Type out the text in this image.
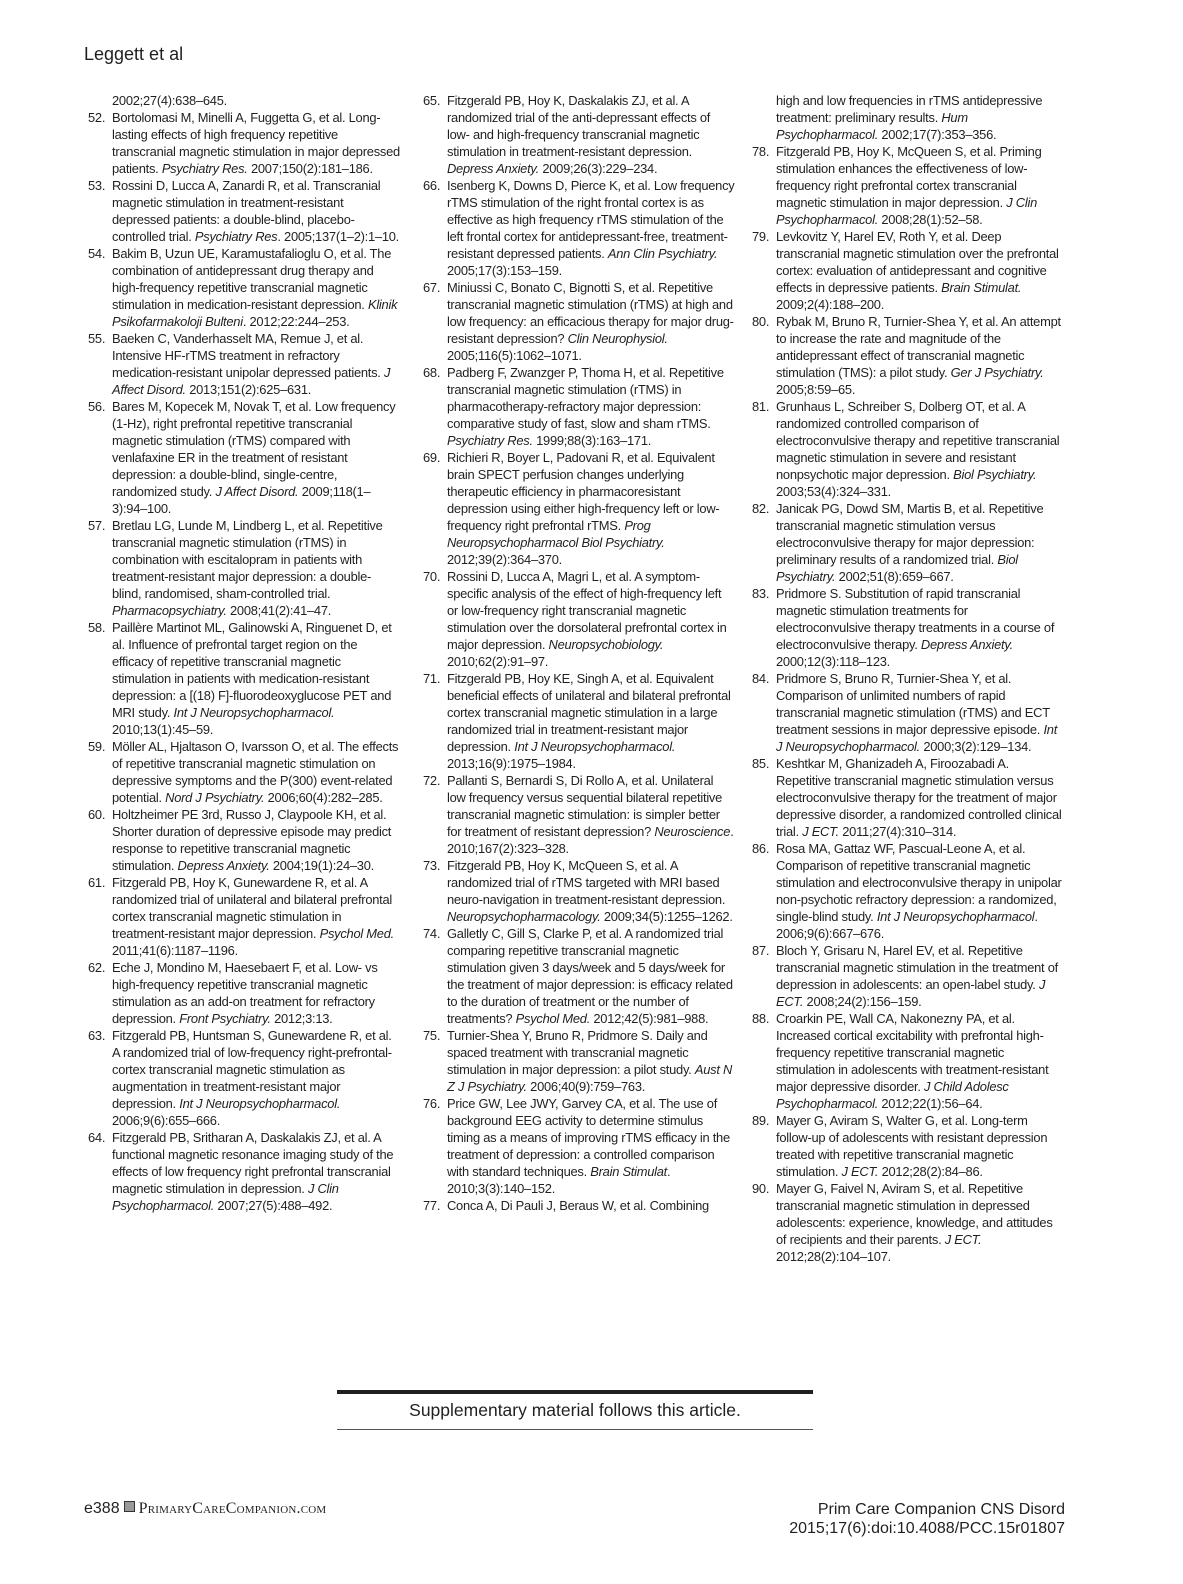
Leggett et al
2002;27(4):638–645.
52. Bortolomasi M, Minelli A, Fuggetta G, et al. Long-lasting effects of high frequency repetitive transcranial magnetic stimulation in major depressed patients. Psychiatry Res. 2007;150(2):181–186.
53. Rossini D, Lucca A, Zanardi R, et al. Transcranial magnetic stimulation in treatment-resistant depressed patients: a double-blind, placebo-controlled trial. Psychiatry Res. 2005;137(1–2):1–10.
54. Bakim B, Uzun UE, Karamustafalioglu O, et al. The combination of antidepressant drug therapy and high-frequency repetitive transcranial magnetic stimulation in medication-resistant depression. Klinik Psikofarmakoloji Bulteni. 2012;22:244–253.
55. Baeken C, Vanderhasselt MA, Remue J, et al. Intensive HF-rTMS treatment in refractory medication-resistant unipolar depressed patients. J Affect Disord. 2013;151(2):625–631.
56. Bares M, Kopecek M, Novak T, et al. Low frequency (1-Hz), right prefrontal repetitive transcranial magnetic stimulation (rTMS) compared with venlafaxine ER in the treatment of resistant depression: a double-blind, single-centre, randomized study. J Affect Disord. 2009;118(1–3):94–100.
57. Bretlau LG, Lunde M, Lindberg L, et al. Repetitive transcranial magnetic stimulation (rTMS) in combination with escitalopram in patients with treatment-resistant major depression: a double-blind, randomised, sham-controlled trial. Pharmacopsychiatry. 2008;41(2):41–47.
58. Paillère Martinot ML, Galinowski A, Ringuenet D, et al. Influence of prefrontal target region on the efficacy of repetitive transcranial magnetic stimulation in patients with medication-resistant depression: a [(18) F]-fluorodeoxyglucose PET and MRI study. Int J Neuropsychopharmacol. 2010;13(1):45–59.
59. Möller AL, Hjaltason O, Ivarsson O, et al. The effects of repetitive transcranial magnetic stimulation on depressive symptoms and the P(300) event-related potential. Nord J Psychiatry. 2006;60(4):282–285.
60. Holtzheimer PE 3rd, Russo J, Claypoole KH, et al. Shorter duration of depressive episode may predict response to repetitive transcranial magnetic stimulation. Depress Anxiety. 2004;19(1):24–30.
61. Fitzgerald PB, Hoy K, Gunewardene R, et al. A randomized trial of unilateral and bilateral prefrontal cortex transcranial magnetic stimulation in treatment-resistant major depression. Psychol Med. 2011;41(6):1187–1196.
62. Eche J, Mondino M, Haesebaert F, et al. Low- vs high-frequency repetitive transcranial magnetic stimulation as an add-on treatment for refractory depression. Front Psychiatry. 2012;3:13.
63. Fitzgerald PB, Huntsman S, Gunewardene R, et al. A randomized trial of low-frequency right-prefrontal-cortex transcranial magnetic stimulation as augmentation in treatment-resistant major depression. Int J Neuropsychopharmacol. 2006;9(6):655–666.
64. Fitzgerald PB, Sritharan A, Daskalakis ZJ, et al. A functional magnetic resonance imaging study of the effects of low frequency right prefrontal transcranial magnetic stimulation in depression. J Clin Psychopharmacol. 2007;27(5):488–492.
65. Fitzgerald PB, Hoy K, Daskalakis ZJ, et al. A randomized trial of the anti-depressant effects of low- and high-frequency transcranial magnetic stimulation in treatment-resistant depression. Depress Anxiety. 2009;26(3):229–234.
66. Isenberg K, Downs D, Pierce K, et al. Low frequency rTMS stimulation of the right frontal cortex is as effective as high frequency rTMS stimulation of the left frontal cortex for antidepressant-free, treatment-resistant depressed patients. Ann Clin Psychiatry. 2005;17(3):153–159.
67. Miniussi C, Bonato C, Bignotti S, et al. Repetitive transcranial magnetic stimulation (rTMS) at high and low frequency: an efficacious therapy for major drug-resistant depression? Clin Neurophysiol. 2005;116(5):1062–1071.
68. Padberg F, Zwanzger P, Thoma H, et al. Repetitive transcranial magnetic stimulation (rTMS) in pharmacotherapy-refractory major depression: comparative study of fast, slow and sham rTMS. Psychiatry Res. 1999;88(3):163–171.
69. Richieri R, Boyer L, Padovani R, et al. Equivalent brain SPECT perfusion changes underlying therapeutic efficiency in pharmacoresistant depression using either high-frequency left or low-frequency right prefrontal rTMS. Prog Neuropsychopharmacol Biol Psychiatry. 2012;39(2):364–370.
70. Rossini D, Lucca A, Magri L, et al. A symptom-specific analysis of the effect of high-frequency left or low-frequency right transcranial magnetic stimulation over the dorsolateral prefrontal cortex in major depression. Neuropsychobiology. 2010;62(2):91–97.
71. Fitzgerald PB, Hoy KE, Singh A, et al. Equivalent beneficial effects of unilateral and bilateral prefrontal cortex transcranial magnetic stimulation in a large randomized trial in treatment-resistant major depression. Int J Neuropsychopharmacol. 2013;16(9):1975–1984.
72. Pallanti S, Bernardi S, Di Rollo A, et al. Unilateral low frequency versus sequential bilateral repetitive transcranial magnetic stimulation: is simpler better for treatment of resistant depression? Neuroscience. 2010;167(2):323–328.
73. Fitzgerald PB, Hoy K, McQueen S, et al. A randomized trial of rTMS targeted with MRI based neuro-navigation in treatment-resistant depression. Neuropsychopharmacology. 2009;34(5):1255–1262.
74. Galletly C, Gill S, Clarke P, et al. A randomized trial comparing repetitive transcranial magnetic stimulation given 3 days/week and 5 days/week for the treatment of major depression: is efficacy related to the duration of treatment or the number of treatments? Psychol Med. 2012;42(5):981–988.
75. Turnier-Shea Y, Bruno R, Pridmore S. Daily and spaced treatment with transcranial magnetic stimulation in major depression: a pilot study. Aust N Z J Psychiatry. 2006;40(9):759–763.
76. Price GW, Lee JWY, Garvey CA, et al. The use of background EEG activity to determine stimulus timing as a means of improving rTMS efficacy in the treatment of depression: a controlled comparison with standard techniques. Brain Stimulat. 2010;3(3):140–152.
77. Conca A, Di Pauli J, Beraus W, et al. Combining
high and low frequencies in rTMS antidepressive treatment: preliminary results. Hum Psychopharmacol. 2002;17(7):353–356.
78. Fitzgerald PB, Hoy K, McQueen S, et al. Priming stimulation enhances the effectiveness of low-frequency right prefrontal cortex transcranial magnetic stimulation in major depression. J Clin Psychopharmacol. 2008;28(1):52–58.
79. Levkovitz Y, Harel EV, Roth Y, et al. Deep transcranial magnetic stimulation over the prefrontal cortex: evaluation of antidepressant and cognitive effects in depressive patients. Brain Stimulat. 2009;2(4):188–200.
80. Rybak M, Bruno R, Turnier-Shea Y, et al. An attempt to increase the rate and magnitude of the antidepressant effect of transcranial magnetic stimulation (TMS): a pilot study. Ger J Psychiatry. 2005;8:59–65.
81. Grunhaus L, Schreiber S, Dolberg OT, et al. A randomized controlled comparison of electroconvulsive therapy and repetitive transcranial magnetic stimulation in severe and resistant nonpsychotic major depression. Biol Psychiatry. 2003;53(4):324–331.
82. Janicak PG, Dowd SM, Martis B, et al. Repetitive transcranial magnetic stimulation versus electroconvulsive therapy for major depression: preliminary results of a randomized trial. Biol Psychiatry. 2002;51(8):659–667.
83. Pridmore S. Substitution of rapid transcranial magnetic stimulation treatments for electroconvulsive therapy treatments in a course of electroconvulsive therapy. Depress Anxiety. 2000;12(3):118–123.
84. Pridmore S, Bruno R, Turnier-Shea Y, et al. Comparison of unlimited numbers of rapid transcranial magnetic stimulation (rTMS) and ECT treatment sessions in major depressive episode. Int J Neuropsychopharmacol. 2000;3(2):129–134.
85. Keshtkar M, Ghanizadeh A, Firoozabadi A. Repetitive transcranial magnetic stimulation versus electroconvulsive therapy for the treatment of major depressive disorder, a randomized controlled clinical trial. J ECT. 2011;27(4):310–314.
86. Rosa MA, Gattaz WF, Pascual-Leone A, et al. Comparison of repetitive transcranial magnetic stimulation and electroconvulsive therapy in unipolar non-psychotic refractory depression: a randomized, single-blind study. Int J Neuropsychopharmacol. 2006;9(6):667–676.
87. Bloch Y, Grisaru N, Harel EV, et al. Repetitive transcranial magnetic stimulation in the treatment of depression in adolescents: an open-label study. J ECT. 2008;24(2):156–159.
88. Croarkin PE, Wall CA, Nakonezny PA, et al. Increased cortical excitability with prefrontal high-frequency repetitive transcranial magnetic stimulation in adolescents with treatment-resistant major depressive disorder. J Child Adolesc Psychopharmacol. 2012;22(1):56–64.
89. Mayer G, Aviram S, Walter G, et al. Long-term follow-up of adolescents with resistant depression treated with repetitive transcranial magnetic stimulation. J ECT. 2012;28(2):84–86.
90. Mayer G, Faivel N, Aviram S, et al. Repetitive transcranial magnetic stimulation in depressed adolescents: experience, knowledge, and attitudes of recipients and their parents. J ECT. 2012;28(2):104–107.
Supplementary material follows this article.
e388 PrimaryCareCompanion.com	Prim Care Companion CNS Disord
2015;17(6):doi:10.4088/PCC.15r01807
